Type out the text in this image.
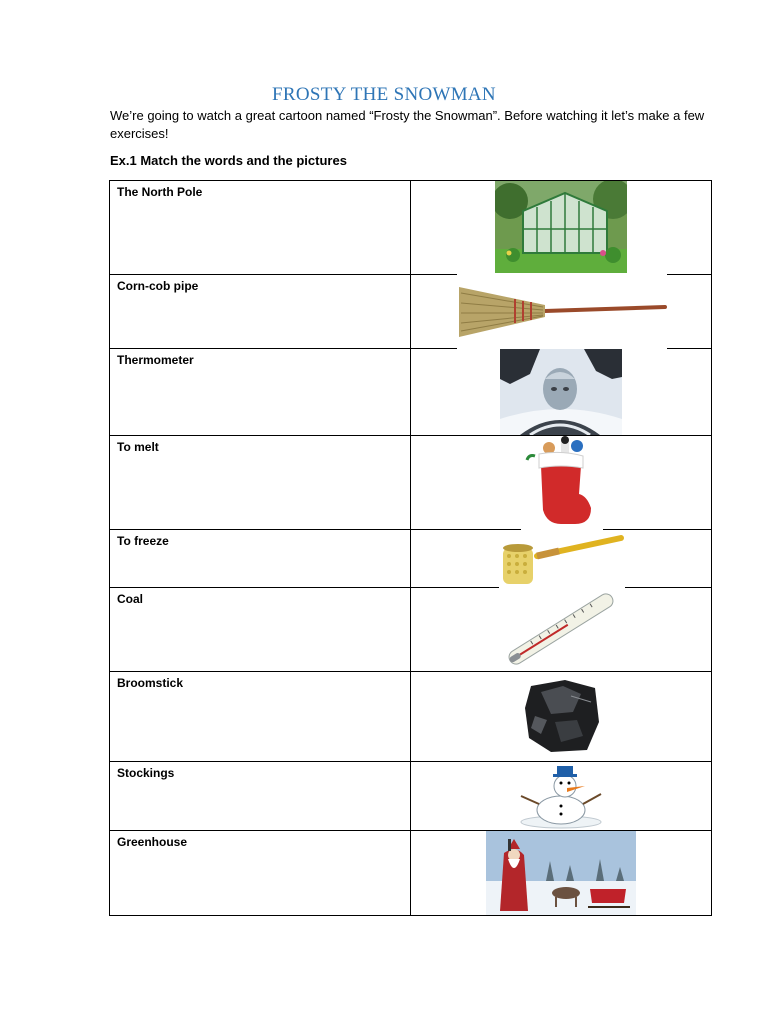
FROSTY THE SNOWMAN
We’re going to watch a great cartoon named “Frosty the Snowman”. Before watching it let’s make a few exercises!
Ex.1 Match the words and the pictures
The North Pole

Corn-cob pipe

Thermometer

To melt

To freeze

Coal

Broomstick

Stockings

Greenhouse
